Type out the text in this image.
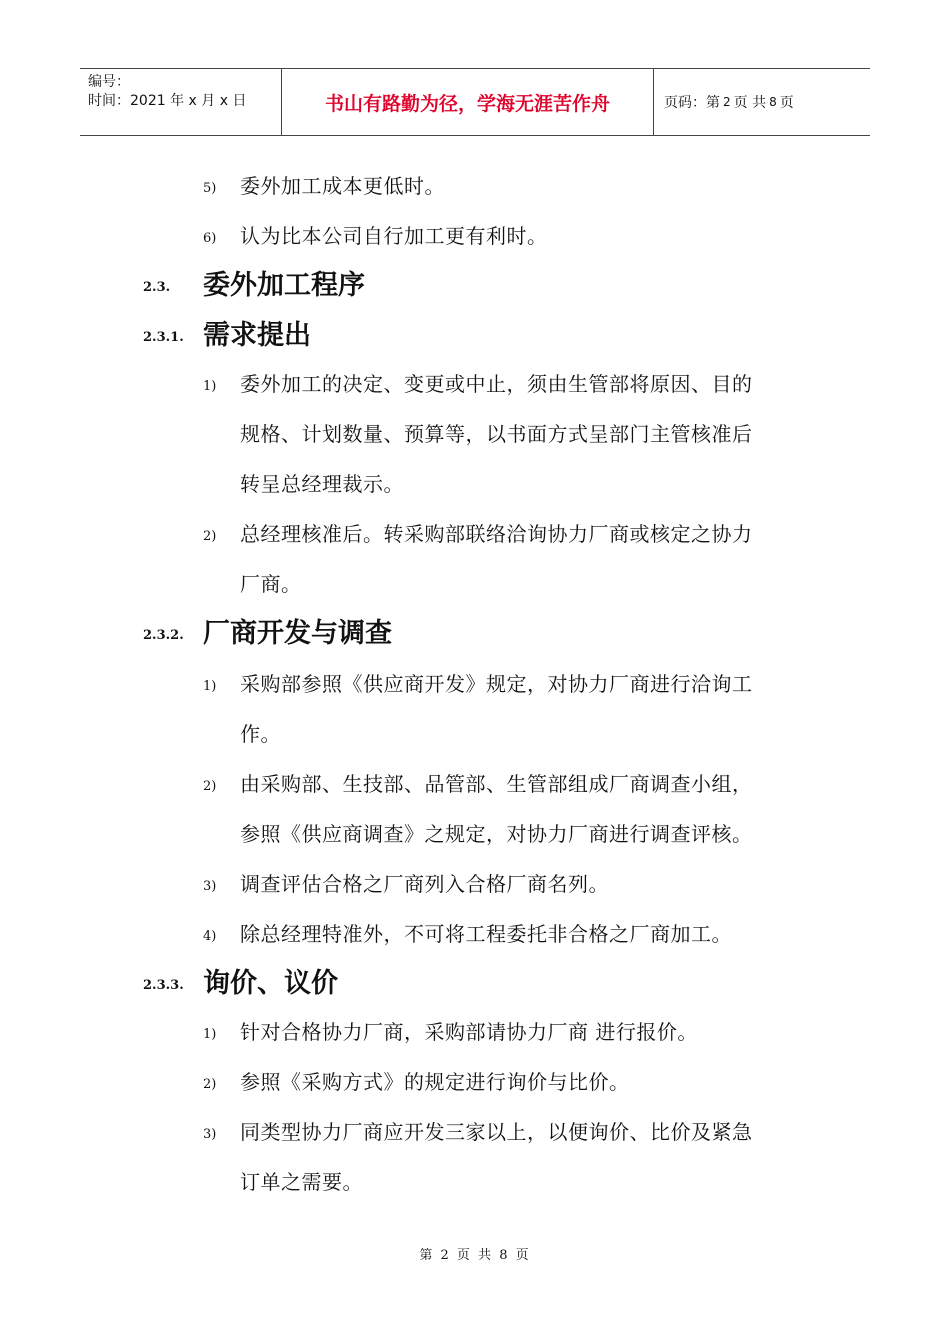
编号：
时间：2021 年 x 月 x 日	书山有路勤为径，学海无涯苦作舟	页码：第 2 页 共 8 页
5) 委外加工成本更低时。
6) 认为比本公司自行加工更有利时。
2.3. 委外加工程序
2.3.1. 需求提出
1) 委外加工的决定、变更或中止，须由生管部将原因、目的
规格、计划数量、预算等，以书面方式呈部门主管核准后
转呈总经理裁示。
2) 总经理核准后。转采购部联络洽询协力厂商或核定之协力
厂商。
2.3.2. 厂商开发与调查
1) 采购部参照《供应商开发》规定，对协力厂商进行洽询工
作。
2) 由采购部、生技部、品管部、生管部组成厂商调查小组，
参照《供应商调查》之规定，对协力厂商进行调查评核。
3) 调查评估合格之厂商列入合格厂商名列。
4) 除总经理特准外，不可将工程委托非合格之厂商加工。
2.3.3. 询价、议价
1) 针对合格协力厂商，采购部请协力厂商 进行报价。
2) 参照《采购方式》的规定进行询价与比价。
3) 同类型协力厂商应开发三家以上，以便询价、比价及紧急
订单之需要。
第 2 页 共 8 页
